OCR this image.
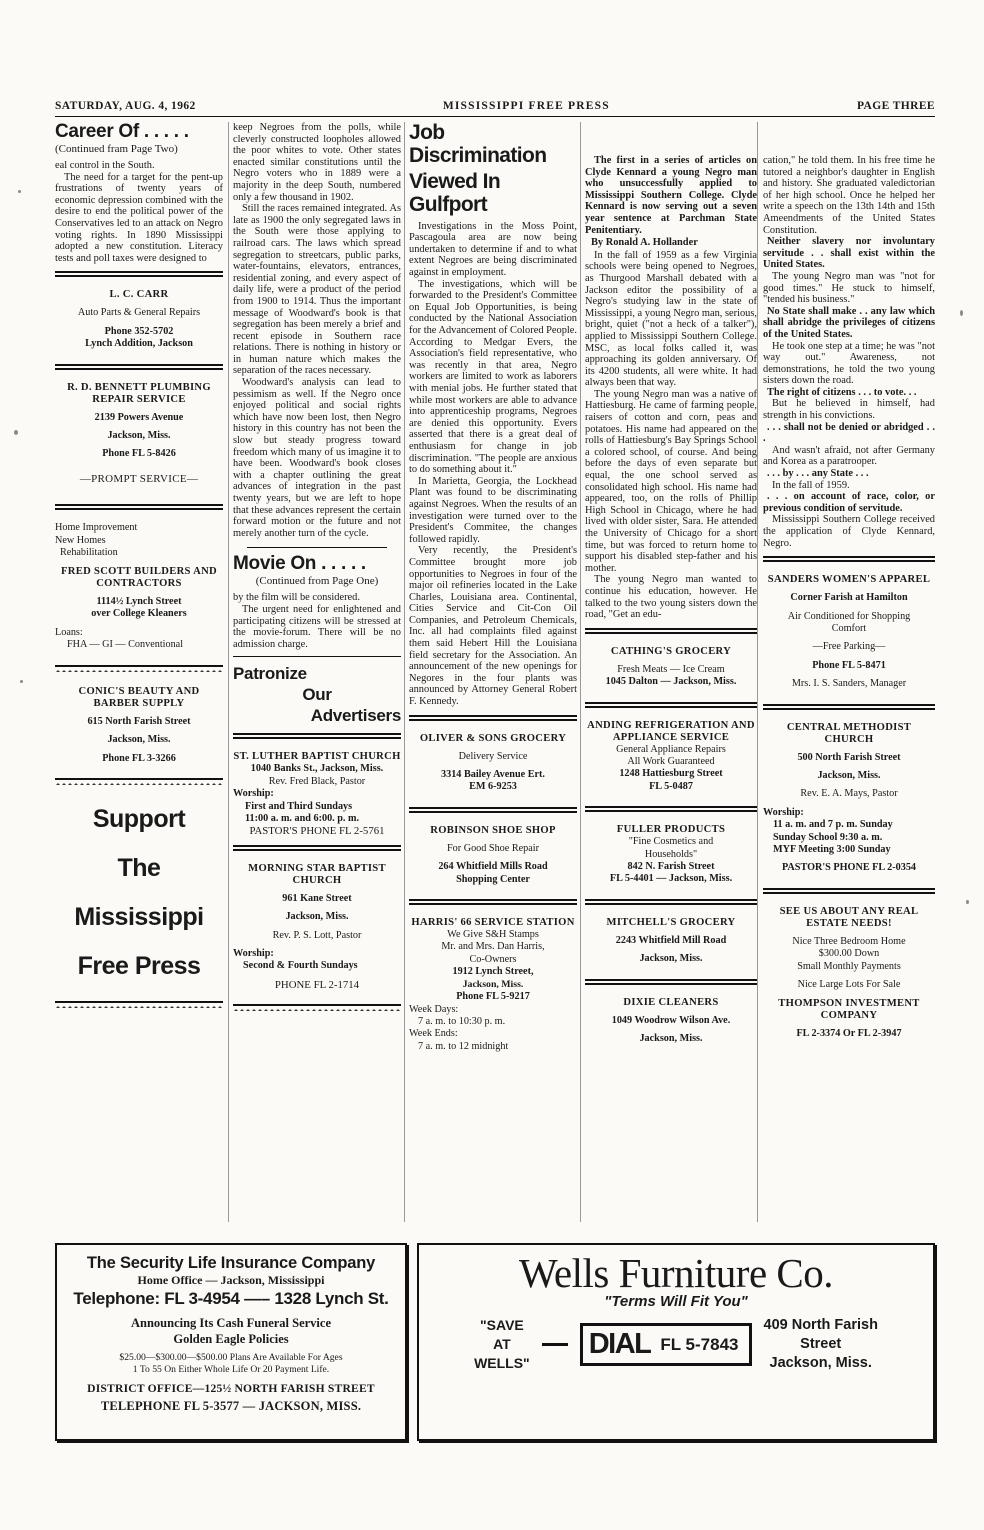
SATURDAY, AUG. 4, 1962	MISSISSIPPI FREE PRESS	PAGE THREE
Career Of . . . . .
(Continued fram Page Two)

eal control in the South.

The need for a target for the pent-up frustrations of twenty years of economic depression combined with the desire to end the political power of the Conservatives led to an attack on Negro voting rights. In 1890 Mississippi adopted a new constitution. Literacy tests and poll taxes were designed to

L. C. CARR
Auto Parts & General Repairs
Phone 352-5702
Lynch Addition, Jackson
R. D. BENNETT PLUMBING REPAIR SERVICE
2139 Powers Avenue
Jackson, Miss.
Phone FL 5-8426
—PROMPT SERVICE—
Home Improvement
New Homes
Rehabilitation
FRED SCOTT BUILDERS AND CONTRACTORS
1114½ Lynch Street
over College Kleaners
Loans:
FHA — GI — Conventional
CONIC'S BEAUTY AND BARBER SUPPLY
615 North Farish Street
Jackson, Miss.
Phone FL 3-3266
Support
The
Mississippi
Free Press

keep Negroes from the polls, while cleverly constructed loopholes allowed the poor whites to vote. Other states enacted similar constitutions until the Negro voters who in 1889 were a majority in the deep South, numbered only a few thousand in 1902.

Still the races remained integrated. As late as 1900 the only segregated laws in the South were those applying to railroad cars. The laws which spread segregation to streetcars, public parks, water-fountains, elevators, entrances, residential zoning, and every aspect of daily life, were a product of the period from 1900 to 1914. Thus the important message of Woodward's book is that segregation has been merely a brief and recent episode in Southern race relations. There is nothing in history or in human nature which makes the separation of the races necessary.

Woodward's analysis can lead to pessimism as well. If the Negro once enjoyed political and social rights which have now been lost, then Negro history in this country has not been the slow but steady progress toward freedom which many of us imagine it to have been. Woodward's book closes with a chapter outlining the great advances of integration in the past twenty years, but we are left to hope that these advances represent the certain forward motion or the future and not merely another turn of the cycle.

Movie On . . . . .
(Continued from Page One)

by the film will be considered.

The urgent need for enlightened and participating citizens will be stressed at the movie-forum. There will be no admission charge.

Patronize
Our
Advertisers
ST. LUTHER BAPTIST CHURCH
1040 Banks St., Jackson, Miss.
Rev. Fred Black, Pastor
Worship:
First and Third Sundays
11:00 a. m. and 6:00. p. m.
PASTOR'S PHONE FL 2-5761
MORNING STAR BAPTIST CHURCH
961 Kane Street
Jackson, Miss.
Rev. P. S. Lott, Pastor
Worship:
Second & Fourth Sundays
PHONE FL 2-1714
Job Discrimination
Viewed In Gulfport

Investigations in the Moss Point, Pascagoula area are now being undertaken to determine if and to what extent Negroes are being discriminated against in employment.

The investigations, which will be forwarded to the President's Committee on Equal Job Opportunities, is being conducted by the National Association for the Advancement of Colored People. According to Medgar Evers, the Association's field representative, who was recently in that area, Negro workers are limited to work as laborers with menial jobs. He further stated that while most workers are able to advance into apprenticeship programs, Negroes are denied this opportunity. Evers asserted that there is a great deal of enthusiasm for change in job discrimination. "The people are anxious to do something about it."

In Marietta, Georgia, the Lockhead Plant was found to be discriminating against Negroes. When the results of an investigation were turned over to the President's Commitee, the changes followed rapidly.

Very recently, the President's Committee brought more job opportunities to Negroes in four of the major oil refineries located in the Lake Charles, Louisiana area. Continental, Cities Service and Cit-Con Oil Companies, and Petroleum Chemicals, Inc. all had complaints filed against them said Hebert Hill the Louisiana field secretary for the Association. An announcement of the new openings for Negores in the four plants was announced by Attorney General Robert F. Kennedy.

OLIVER & SONS GROCERY
Delivery Service
3314 Bailey Avenue Ert.
EM 6-9253
ROBINSON SHOE SHOP
For Good Shoe Repair
264 Whitfield Mills Road
Shopping Center
HARRIS' 66 SERVICE STATION
We Give S&H Stamps
Mr. and Mrs. Dan Harris,
Co-Owners
1912 Lynch Street,
Jackson, Miss.
Phone FL 5-9217
Week Days:
7 a. m. to 10:30 p. m.
Week Ends:
7 a. m. to 12 midnight

The first in a series of articles on Clyde Kennard a young Negro man who unsuccessfully applied to Mississippi Southern College. Clyde Kennard is now serving out a seven year sentence at Parchman State Penitentiary.

By Ronald A. Hollander

In the fall of 1959 as a few Virginia schools were being opened to Negroes, as Thurgood Marshall debated with a Jackson editor the possibility of a Negro's studying law in the state of Mississippi, a young Negro man, serious, bright, quiet ("not a heck of a talker"), applied to Mississippi Southern College. MSC, as local folks called it, was approaching its golden anniversary. Of its 4200 students, all were white. It had always been that way.

The young Negro man was a native of Hattiesburg. He came of farming people, raisers of cotton and corn, peas and potatoes. His name had appeared on the rolls of Hattiesburg's Bay Springs School a colored school, of course. And being before the days of even separate but equal, the one school served as consolidated high school. His name had appeared, too, on the rolls of Phillip High School in Chicago, where he had lived with older sister, Sara. He attended the University of Chicago for a short time, but was forced to return home to support his disabled step-father and his mother.

The young Negro man wanted to continue his education, however. He talked to the two young sisters down the road, "Get an edu-

CATHING'S GROCERY
Fresh Meats — Ice Cream
1045 Dalton — Jackson, Miss.
ANDING REFRIGERATION AND APPLIANCE SERVICE
General Appliance Repairs
All Work Guaranteed
1248 Hattiesburg Street
FL 5-0487
FULLER PRODUCTS
"Fine Cosmetics and
Households"
842 N. Farish Street
FL 5-4401 — Jackson, Miss.
MITCHELL'S GROCERY
2243 Whitfield Mill Road
Jackson, Miss.
DIXIE CLEANERS
1049 Woodrow Wilson Ave.
Jackson, Miss.

cation," he told them. In his free time he tutored a neighbor's daughter in English and history. She graduated valedictorian of her high school. Once he helped her write a speech on the 13th 14th and 15th Ameendments of the United States Constitution.

Neither slavery nor involuntary servitude . . shall exist within the United States.

The young Negro man was "not for good times." He stuck to himself, "tended his business."

No State shall make . . any law which shall abridge the privileges of citizens of the United States.

He took one step at a time; he was "not way out." Awareness, not demonstrations, he told the two young sisters down the road.

The right of citizens . . . to vote. . .

But he believed in himself, had strength in his convictions.

. . . shall not be denied or abridged . . .

And wasn't afraid, not after Germany and Korea as a paratrooper.

. . . by . . . any State . . .

In the fall of 1959.

. . . on account of race, color, or previous condition of servitude.

Mississippi Southern College received the application of Clyde Kennard, Negro.

SANDERS WOMEN'S APPAREL
Corner Farish at Hamilton
Air Conditioned for Shopping
Comfort
—Free Parking—
Phone FL 5-8471
Mrs. I. S. Sanders, Manager
CENTRAL METHODIST CHURCH
500 North Farish Street
Jackson, Miss.
Rev. E. A. Mays, Pastor
Worship:
11 a. m. and 7 p. m. Sunday
Sunday School 9:30 a. m.
MYF Meeting 3:00 Sunday
PASTOR'S PHONE FL 2-0354
SEE US ABOUT ANY REAL ESTATE NEEDS!
Nice Three Bedroom Home
$300.00 Down
Small Monthly Payments
Nice Large Lots For Sale
THOMPSON INVESTMENT COMPANY
FL 2-3374 Or FL 2-3947
The Security Life Insurance Company
Home Office — Jackson, Mississippi
Telephone: FL 3-4954 —– 1328 Lynch St.
Announcing Its Cash Funeral Service
Golden Eagle Policies
$25.00—$300.00—$500.00 Plans Are Available For Ages
1 To 55 On Either Whole Life Or 20 Payment Life.
DISTRICT OFFICE—125½ NORTH FARISH STREET
TELEPHONE FL 5-3577 — JACKSON, MISS.
Wells Furniture Co.
"Terms Will Fit You"
"SAVE
AT
WELLS"
DIAL FL 5-7843
409 North Farish
Street
Jackson, Miss.
